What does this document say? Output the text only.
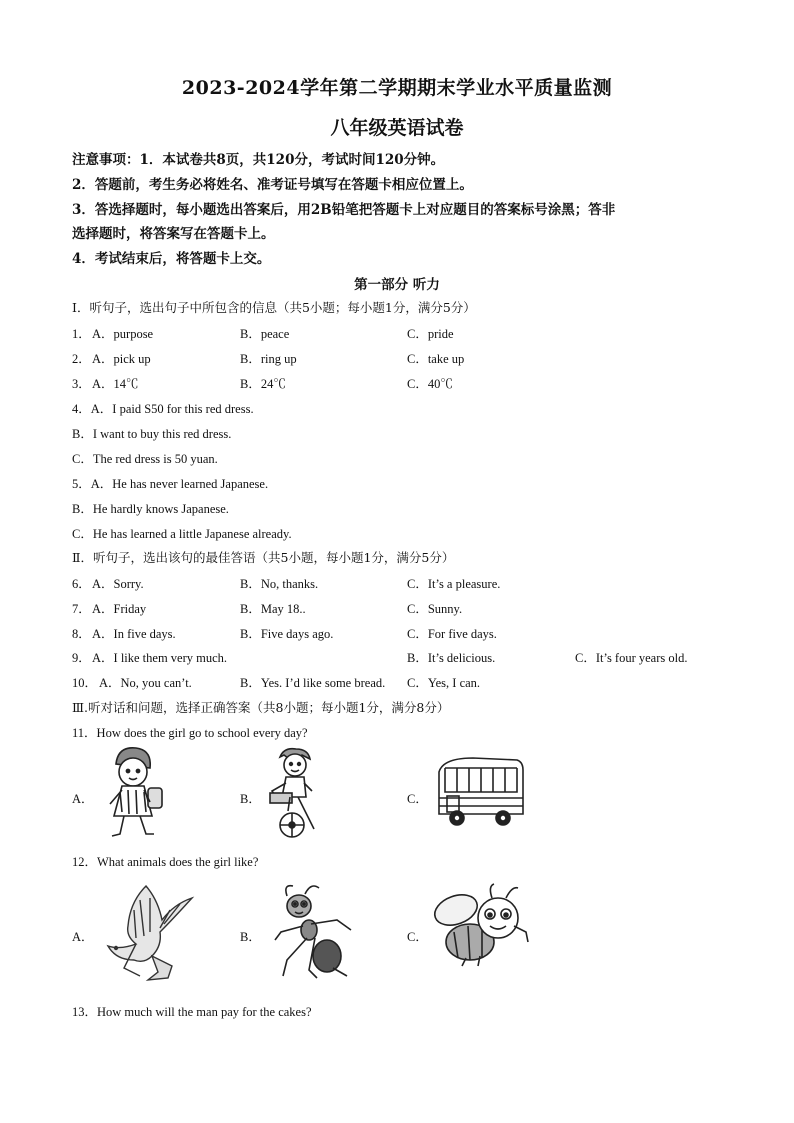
2023-2024学年第二学期期末学业水平质量监测
八年级英语试卷
注意事项：1．本试卷共8页，共120分，考试时间120分钟。
2．答题前，考生务必将姓名、准考证号填写在答题卡相应位置上。
3．答选择题时，每小题选出答案后，用2B铅笔把答题卡上对应题目的答案标号涂黑；答非
选择题时，将答案写在答题卡上。
4．考试结束后，将答题卡上交。
第一部分 听力
Ⅰ．听句子，选出句子中所包含的信息（共5小题；每小题1分，满分5分）
1． A．purpose	B．peace	C．pride
2． A．pick up	B．ring up	C．take up
3． A．14℃	B．24℃	C．40℃
4．A．I paid S50 for this red dress.
B．I want to buy this red dress.
C．The red dress is 50 yuan.
5．A．He has never learned Japanese.
B．He hardly knows Japanese.
C．He has learned a little Japanese already.
Ⅱ．听句子，选出该句的最佳答语（共5小题，每小题1分，满分5分）
6． A．Sorry.	B．No, thanks.	C．It’s a pleasure.
7． A．Friday	B．May 18..	C．Sunny.
8． A．In five days.	B．Five days ago.	C．For five days.
9． A．I like them very much.	B．It’s delicious.	C．It’s four years old.
10． A．No, you can’t.	B．Yes. I’d like some bread. C．Yes, I can.
Ⅲ.听对话和问题，选择正确答案（共8小题；每小题1分，满分8分）
11．How does the girl go to school every day?
A．	B．	C．
12．What animals does the girl like?
A．	B．	C．
13．How much will the man pay for the cakes?
